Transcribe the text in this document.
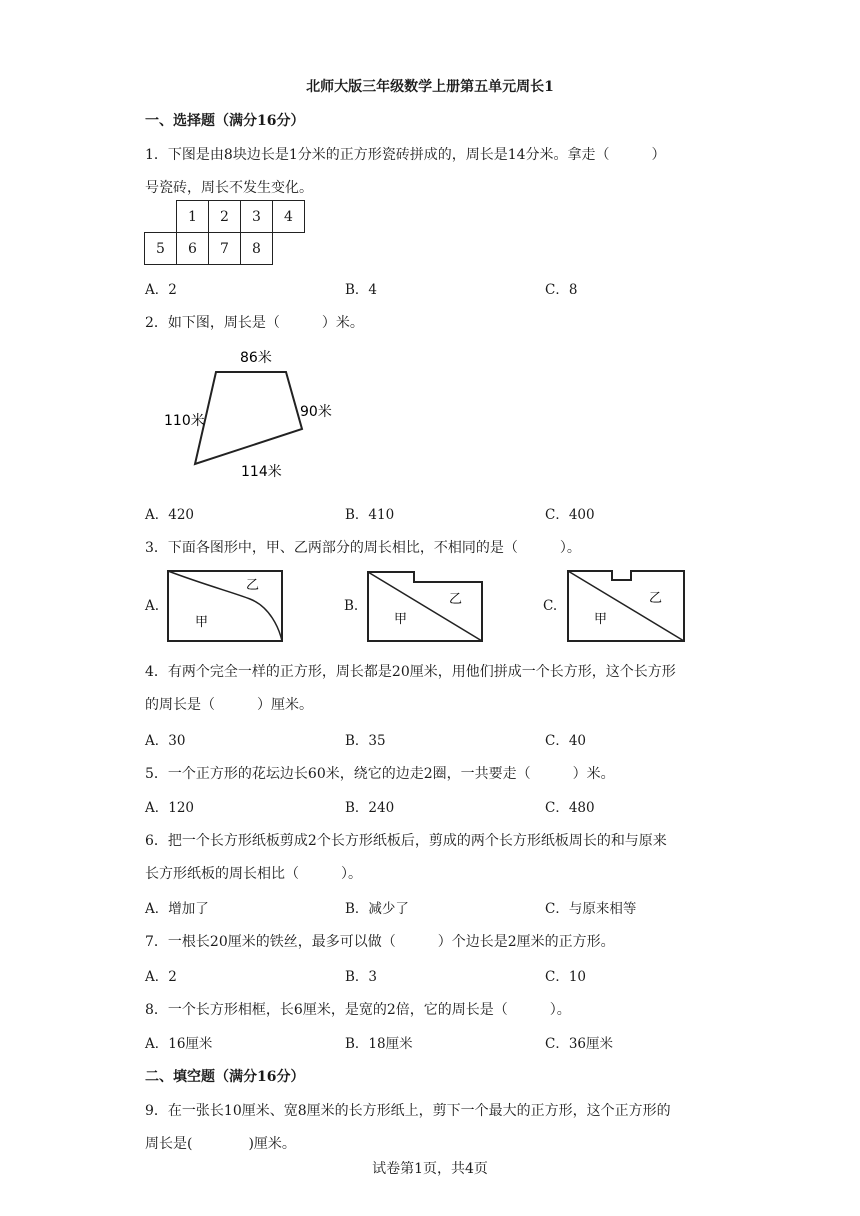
北师大版三年级数学上册第五单元周长1
一、选择题（满分16分）
1．下图是由8块边长是1分米的正方形瓷砖拼成的，周长是14分米。拿走（　　　）
号瓷砖，周长不发生变化。
	1	2	3	4
5	6	7	8	
A．2	B．4	C．8
2．如下图，周长是（　　　）米。
86米
110米
90米
114米
A．420	B．410	C．400
3．下面各图形中，甲、乙两部分的周长相比，不相同的是（　　　）。
A.
乙
甲
B.	乙
甲
C.	乙
甲
4．有两个完全一样的正方形，周长都是20厘米，用他们拼成一个长方形，这个长方形
的周长是（　　　）厘米。
A．30	B．35	C．40
5．一个正方形的花坛边长60米，绕它的边走2圈，一共要走（　　　）米。
A．120	B．240	C．480
6．把一个长方形纸板剪成2个长方形纸板后，剪成的两个长方形纸板周长的和与原来
长方形纸板的周长相比（　　　）。
A．增加了	B．减少了	C．与原来相等
7．一根长20厘米的铁丝，最多可以做（　　　）个边长是2厘米的正方形。
A．2	B．3	C．10
8．一个长方形相框，长6厘米，是宽的2倍，它的周长是（　　　）。
A．16厘米	B．18厘米	C．36厘米
二、填空题（满分16分）
9．在一张长10厘米、宽8厘米的长方形纸上，剪下一个最大的正方形，这个正方形的
周长是(　　　　)厘米。
试卷第1页，共4页
